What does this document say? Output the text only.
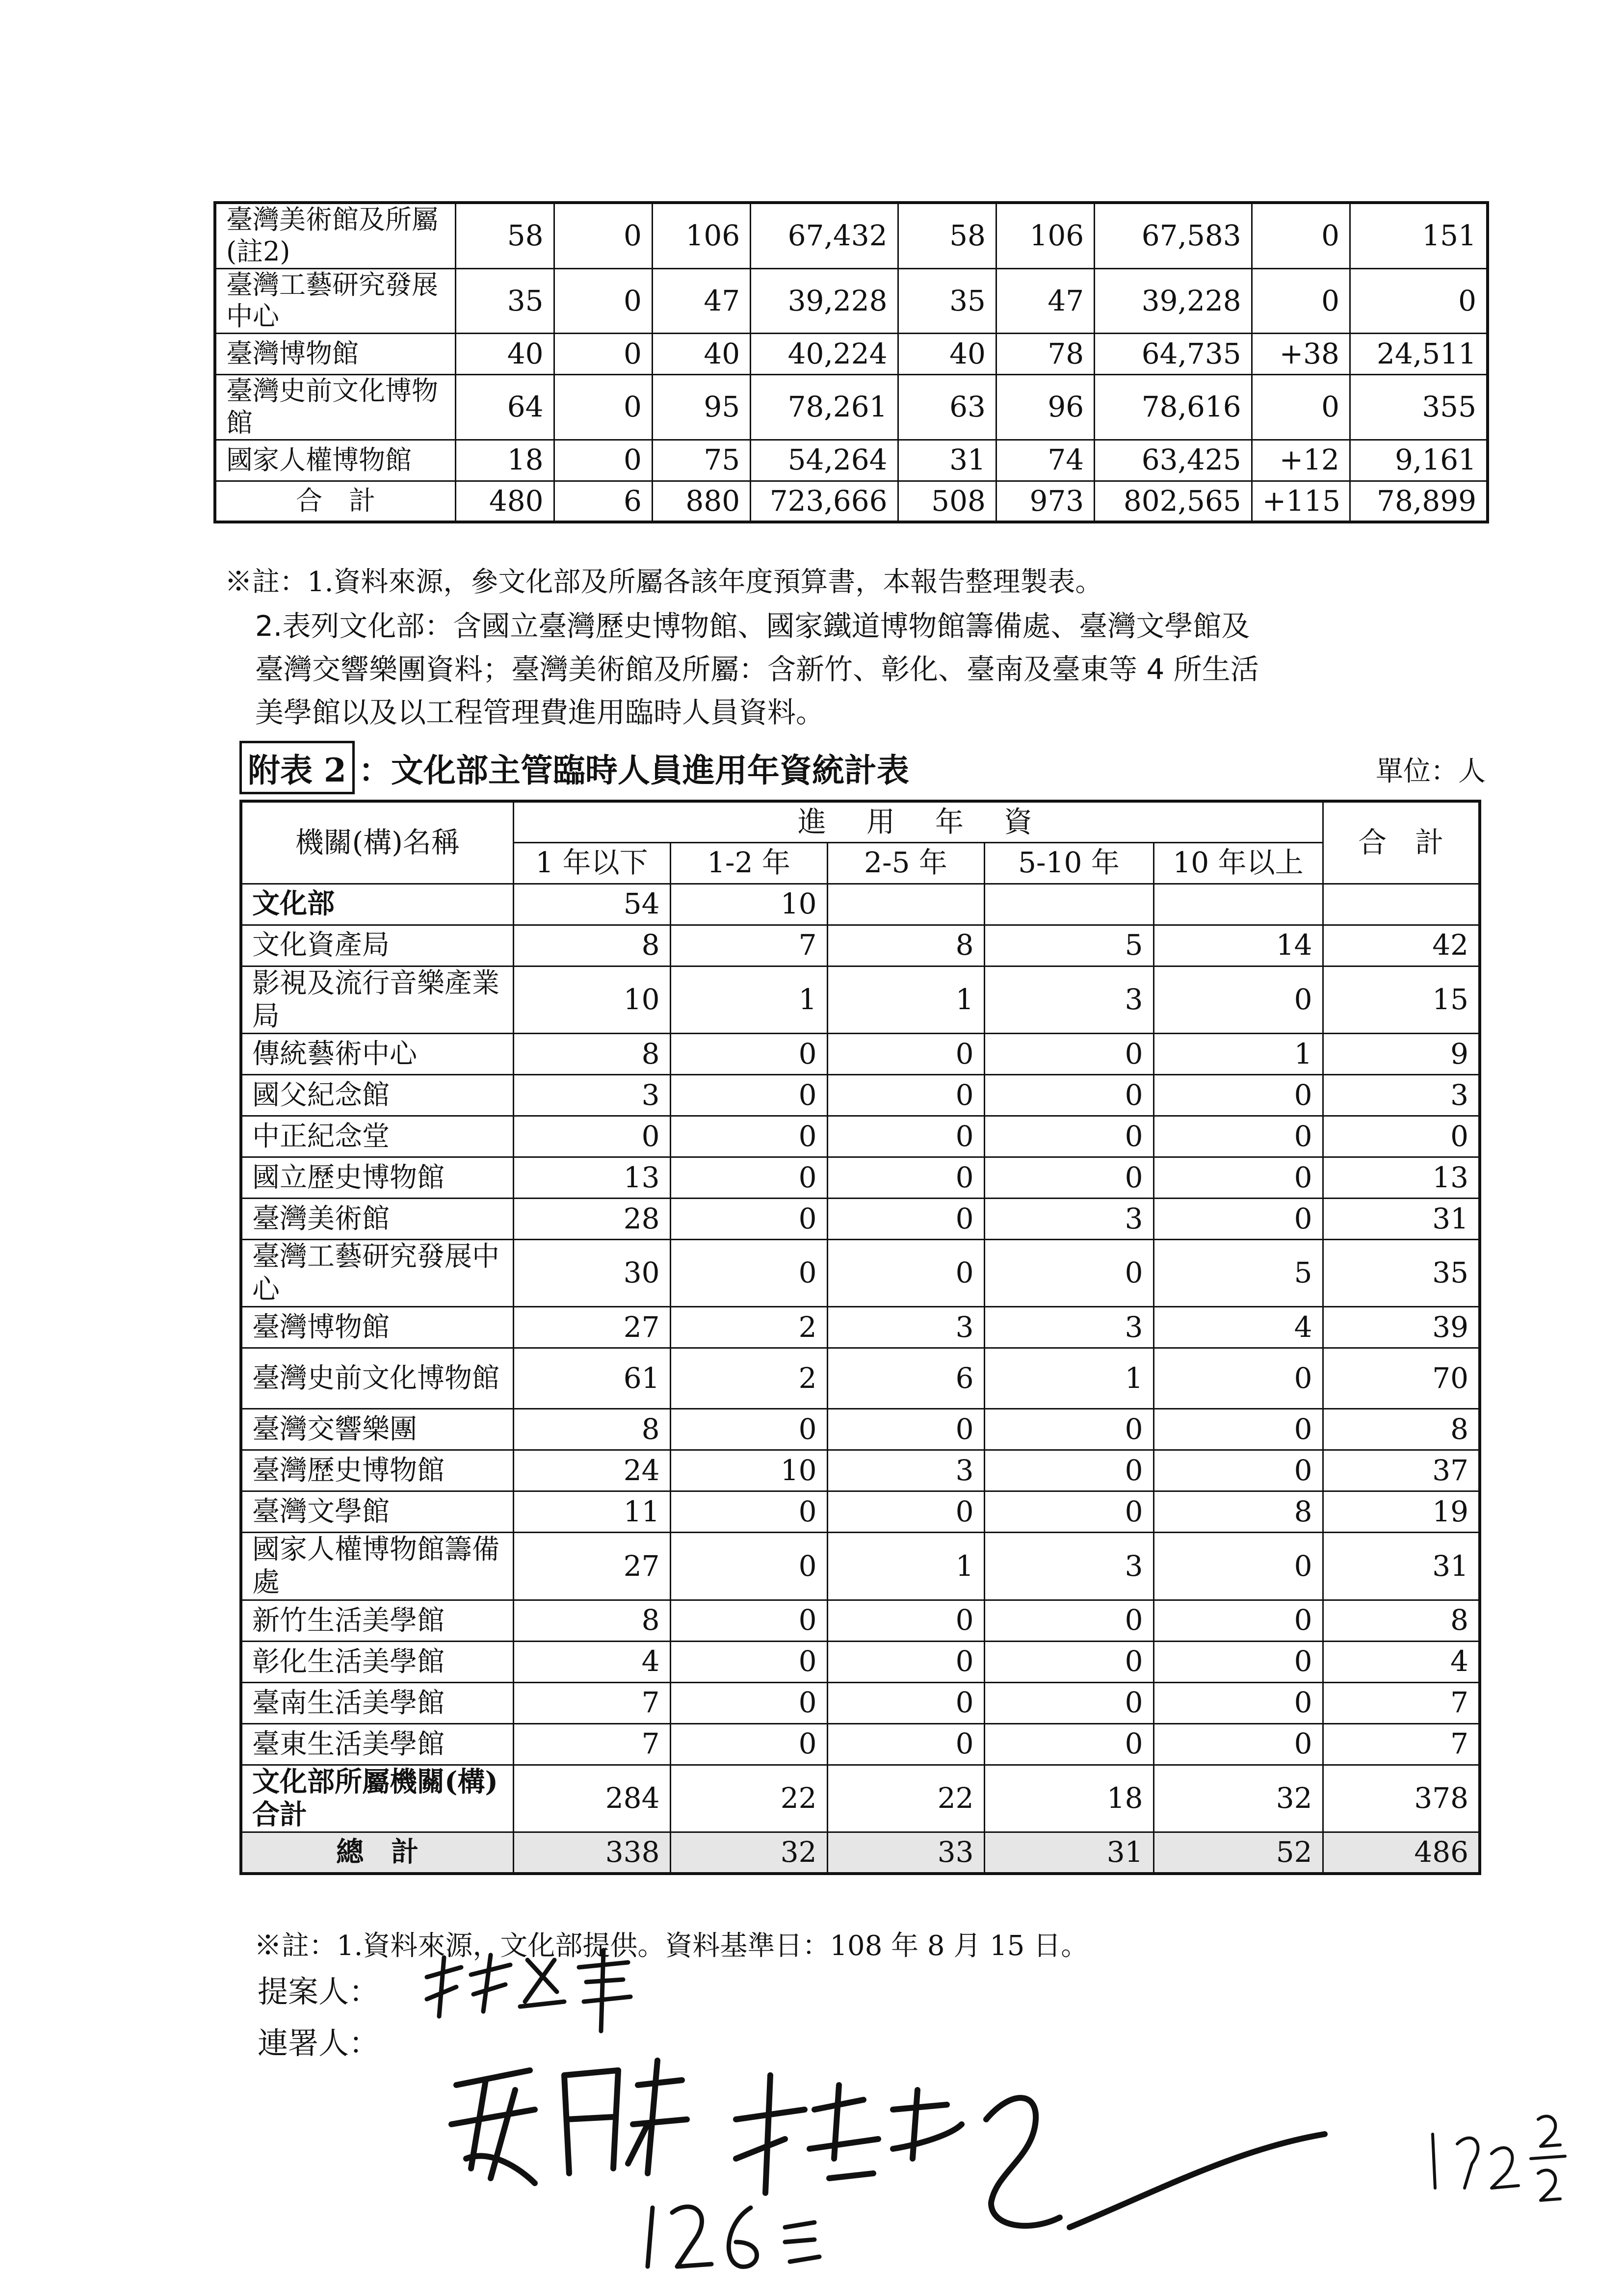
臺灣美術館及所屬(註2)	58	0	106	67,432	58	106	67,583	0	151
臺灣工藝研究發展中心	35	0	47	39,228	35	47	39,228	0	0
臺灣博物館	40	0	40	40,224	40	78	64,735	+38	24,511
臺灣史前文化博物館	64	0	95	78,261	63	96	78,616	0	355
國家人權博物館	18	0	75	54,264	31	74	63,425	+12	9,161
合　計	480	6	880	723,666	508	973	802,565	+115	78,899
※註：1.資料來源，參文化部及所屬各該年度預算書，本報告整理製表。
2.表列文化部：含國立臺灣歷史博物館、國家鐵道博物館籌備處、臺灣文學館及
臺灣交響樂團資料；臺灣美術館及所屬：含新竹、彰化、臺南及臺東等 4 所生活
美學館以及以工程管理費進用臨時人員資料。
附表 2 ：文化部主管臨時人員進用年資統計表	單位：人
機關(構)名稱	進　用　年　資					合　計
	1 年以下	1-2 年	2-5 年	5-10 年	10 年以上	
文化部	54	10				
文化資產局	8	7	8	5	14	42
影視及流行音樂產業局	10	1	1	3	0	15
傳統藝術中心	8	0	0	0	1	9
國父紀念館	3	0	0	0	0	3
中正紀念堂	0	0	0	0	0	0
國立歷史博物館	13	0	0	0	0	13
臺灣美術館	28	0	0	3	0	31
臺灣工藝研究發展中心	30	0	0	0	5	35
臺灣博物館	27	2	3	3	4	39
臺灣史前文化博物館	61	2	6	1	0	70
臺灣交響樂團	8	0	0	0	0	8
臺灣歷史博物館	24	10	3	0	0	37
臺灣文學館	11	0	0	0	8	19
國家人權博物館籌備處	27	0	1	3	0	31
新竹生活美學館	8	0	0	0	0	8
彰化生活美學館	4	0	0	0	0	4
臺南生活美學館	7	0	0	0	0	7
臺東生活美學館	7	0	0	0	0	7
文化部所屬機關(構)合計	284	22	22	18	32	378
總　計	338	32	33	31	52	486
※註：1.資料來源，文化部提供。資料基準日：108 年 8 月 15 日。
提案人：
連署人：
